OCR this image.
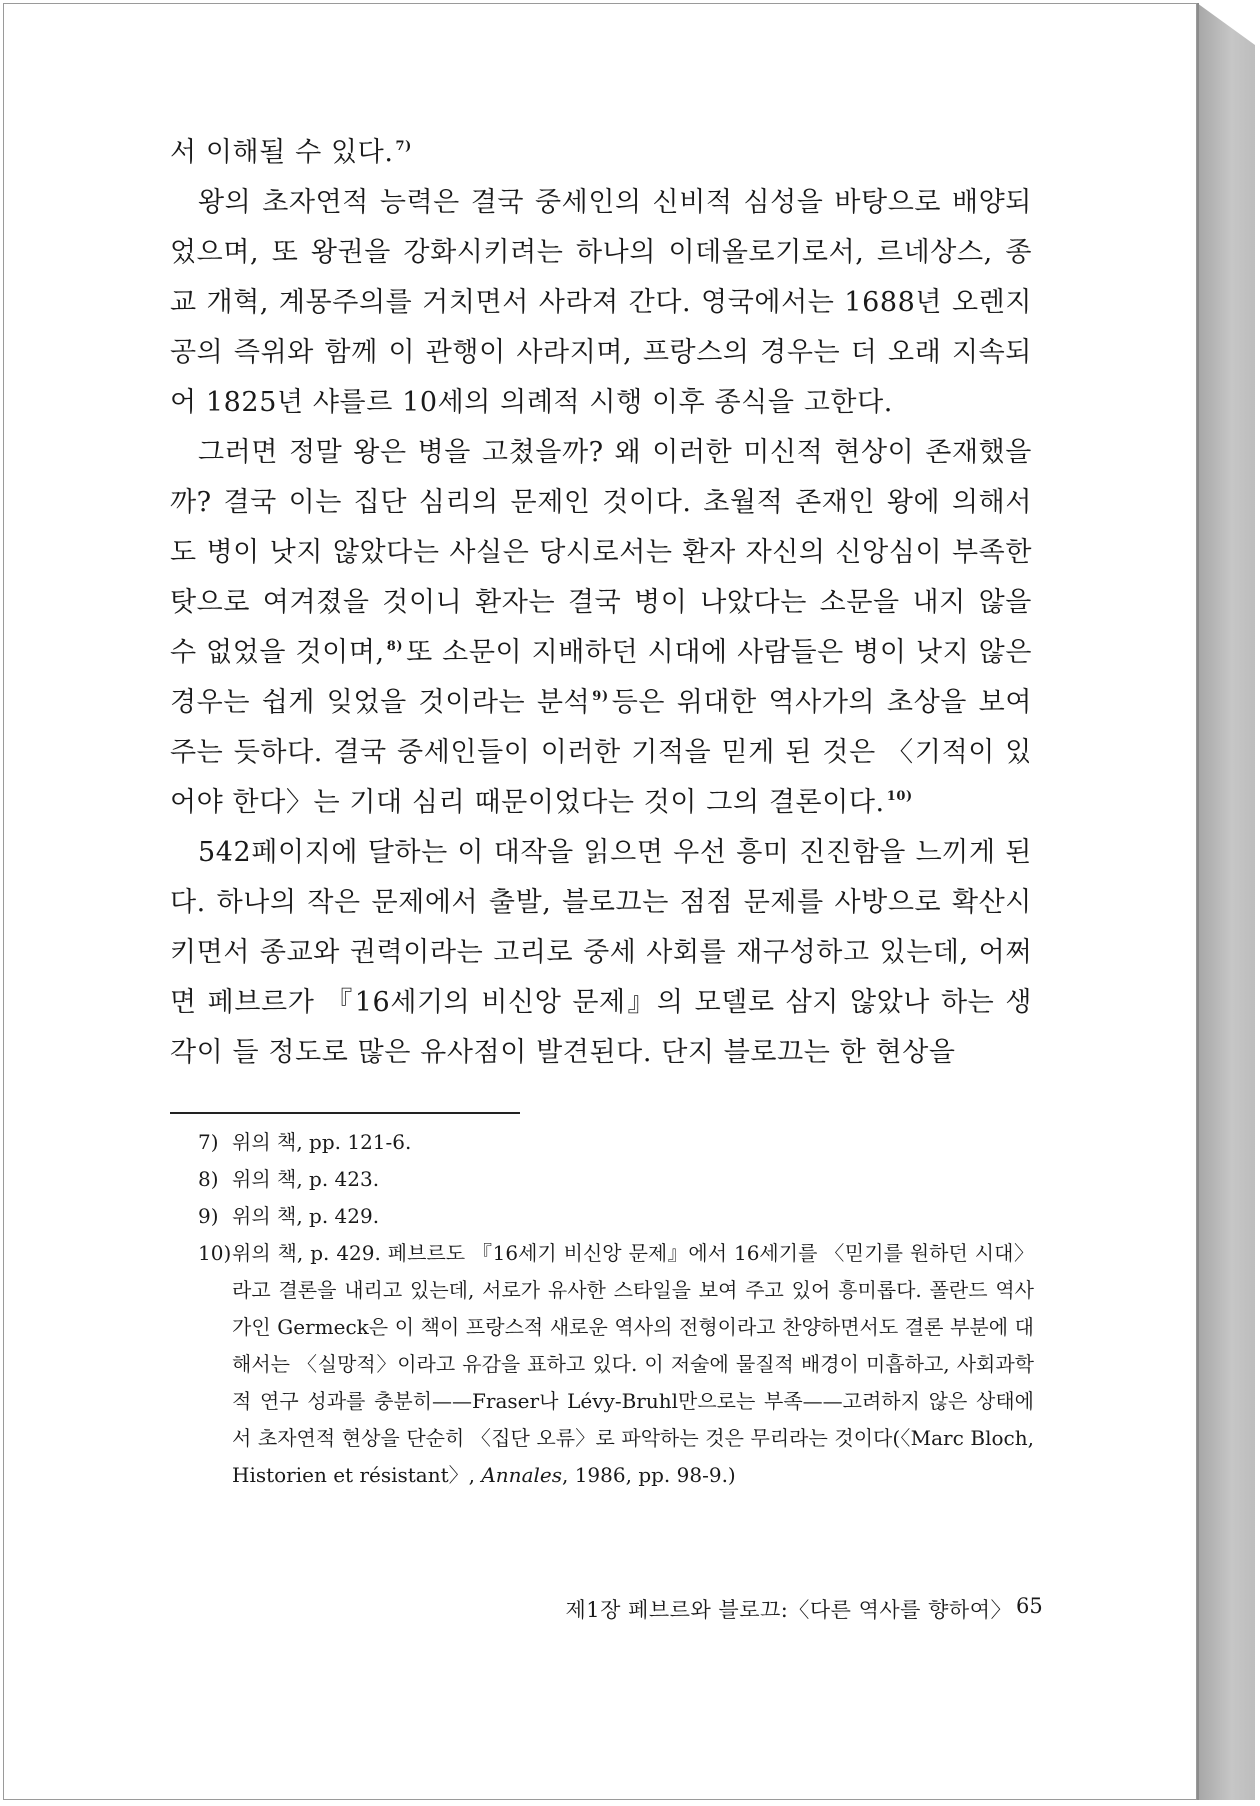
서 이해될 수 있다. $^{7)}$

왕의 초자연적 능력은 결국 중세인의 신비적 심성을 바탕으로 배양되었으며, 또 왕권을 강화시키려는 하나의 이데올로기로서, 르네상스, 종교 개혁, 계몽주의를 거치면서 사라져 간다. 영국에서는 1688년 오렌지공의 즉위와 함께 이 관행이 사라지며, 프랑스의 경우는 더 오래 지속되어 1825년 샤를르 10세의 의례적 시행 이후 종식을 고한다.

그러면 정말 왕은 병을 고쳤을까? 왜 이러한 미신적 현상이 존재했을까? 결국 이는 집단 심리의 문제인 것이다. 초월적 존재인 왕에 의해서도 병이 낫지 않았다는 사실은 당시로서는 환자 자신의 신앙심이 부족한 탓으로 여겨졌을 것이니 환자는 결국 병이 나았다는 소문을 내지 않을 수 없었을 것이며, $^{8)}$ 또 소문이 지배하던 시대에 사람들은 병이 낫지 않은 경우는 쉽게 잊었을 것이라는 분석 $^{9)}$ 등은 위대한 역사가의 초상을 보여 주는 듯하다. 결국 중세인들이 이러한 기적을 믿게 된 것은 〈기적이 있어야 한다〉는 기대 심리 때문이었다는 것이 그의 결론이다. $^{10)}$

542페이지에 달하는 이 대작을 읽으면 우선 흥미 진진함을 느끼게 된다. 하나의 작은 문제에서 출발, 블로끄는 점점 문제를 사방으로 확산시키면서 종교와 권력이라는 고리로 중세 사회를 재구성하고 있는데, 어쩌면 페브르가 『16세기의 비신앙 문제』의 모델로 삼지 않았나 하는 생각이 들 정도로 많은 유사점이 발견된다. 단지 블로끄는 한 현상을

7) 위의 책, pp. 121-6.
8) 위의 책, p. 423.
9) 위의 책, p. 429.
10) 위의 책, p. 429. 페브르도 『16세기 비신앙 문제』에서 16세기를 〈믿기를 원하던 시대〉라고 결론을 내리고 있는데, 서로가 유사한 스타일을 보여 주고 있어 흥미롭다. 폴란드 역사가인 Germeck은 이 책이 프랑스적 새로운 역사의 전형이라고 찬양하면서도 결론 부분에 대해서는 〈실망적〉이라고 유감을 표하고 있다. 이 저술에 물질적 배경이 미흡하고, 사회과학적 연구 성과를 충분히——Fraser나 Lévy-Bruhl만으로는 부족——고려하지 않은 상태에서 초자연적 현상을 단순히 〈집단 오류〉로 파악하는 것은 무리라는 것이다(〈Marc Bloch, Historien et résistant〉, Annales, 1986, pp. 98-9.)
제1장 페브르와 블로끄:〈다른 역사를 향하여〉 65
